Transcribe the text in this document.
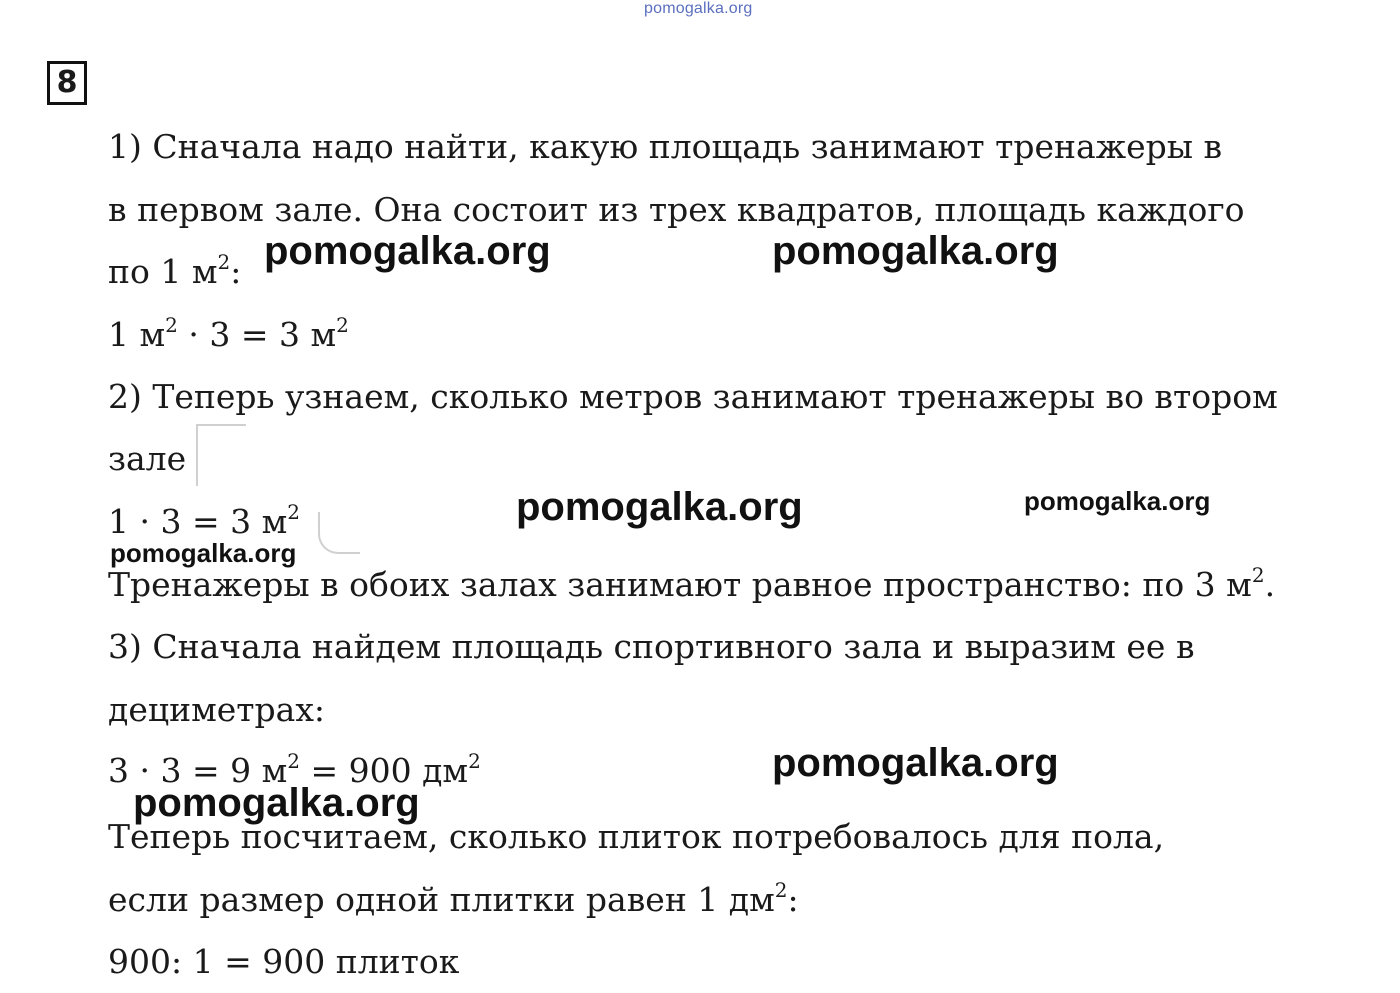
pomogalka.org
8
1) Сначала надо найти, какую площадь занимают тренажеры в
в первом зале. Она состоит из трех квадратов, площадь каждого
по 1 $м^2$:
1 $м^2 \cdot 3 = 3$ $м^2$
2) Теперь узнаем, сколько метров занимают тренажеры во втором
зале
1 · 3 = 3 $м^2$
Тренажеры в обоих залах занимают равное пространство: по 3 $м^2$.
3) Сначала найдем площадь спортивного зала и выразим ее в
дециметрах:
3 · 3 = 9 $м^2 = 900$ $дм^2$
Теперь посчитаем, сколько плиток потребовалось для пола,
если размер одной плитки равен 1 $дм^2$:
900: 1 = 900 плиток
pomogalka.org	pomogalka.org
pomogalka.org	pomogalka.org
pomogalka.org
pomogalka.org
pomogalka.org
